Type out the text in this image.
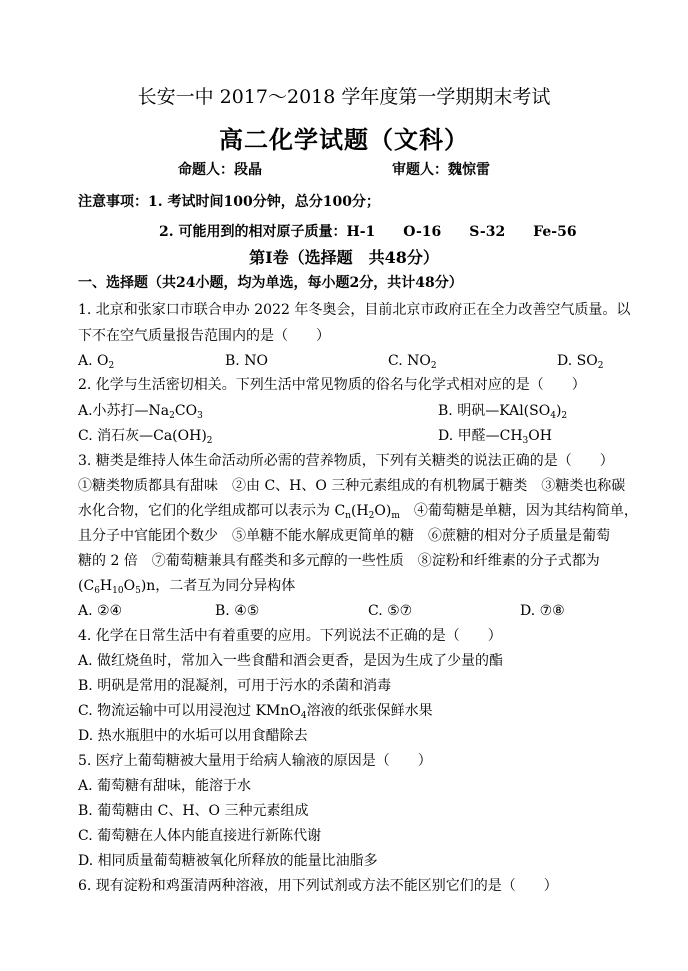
长安一中 2017～2018 学年度第一学期期末考试
高二化学试题（文科）
命题人：段晶	审题人：魏惊雷
注意事项：1. 考试时间100分钟，总分100分；
2. 可能用到的相对原子质量：H-1　　O-16　　S-32　　Fe-56
第Ⅰ卷（选择题　共48分）
一、选择题（共24小题，均为单选，每小题2分，共计48分）
1. 北京和张家口市联合申办 2022 年冬奥会，目前北京市政府正在全力改善空气质量。以
下不在空气质量报告范围内的是（　　）
A. $O_2$	B. NO	C. $NO_2$	D. $SO_2$
2. 化学与生活密切相关。下列生活中常见物质的俗名与化学式相对应的是（　　）
A.小苏打$—Na_2CO_3$	B. 明矾$—KAl(SO_4)_2$
C. 消石灰$—Ca(OH)_2$	D. 甲醛$—CH_3OH$
3. 糖类是维持人体生命活动所必需的营养物质，下列有关糖类的说法正确的是（　　）
①糖类物质都具有甜味　②由 C、H、O 三种元素组成的有机物属于糖类　③糖类也称碳
水化合物，它们的化学组成都可以表示为 $C_n(H_2O)_m$　④葡萄糖是单糖，因为其结构简单，
且分子中官能团个数少　⑤单糖不能水解成更简单的糖　⑥蔗糖的相对分子质量是葡萄
糖的 2 倍　⑦葡萄糖兼具有醛类和多元醇的一些性质　⑧淀粉和纤维素的分子式都为
$(C_6H_{10}O_5)n$，二者互为同分异构体
A. ②④	B. ④⑤	C. ⑤⑦	D. ⑦⑧
4. 化学在日常生活中有着重要的应用。下列说法不正确的是（　　）
A. 做红烧鱼时，常加入一些食醋和酒会更香，是因为生成了少量的酯
B. 明矾是常用的混凝剂，可用于污水的杀菌和消毒
C. 物流运输中可以用浸泡过 KMnO$_4$溶液的纸张保鲜水果
D. 热水瓶胆中的水垢可以用食醋除去
5. 医疗上葡萄糖被大量用于给病人输液的原因是（　　）
A. 葡萄糖有甜味，能溶于水
B. 葡萄糖由 C、H、O 三种元素组成
C. 葡萄糖在人体内能直接进行新陈代谢
D. 相同质量葡萄糖被氧化所释放的能量比油脂多
6. 现有淀粉和鸡蛋清两种溶液，用下列试剂或方法不能区别它们的是（　　）
